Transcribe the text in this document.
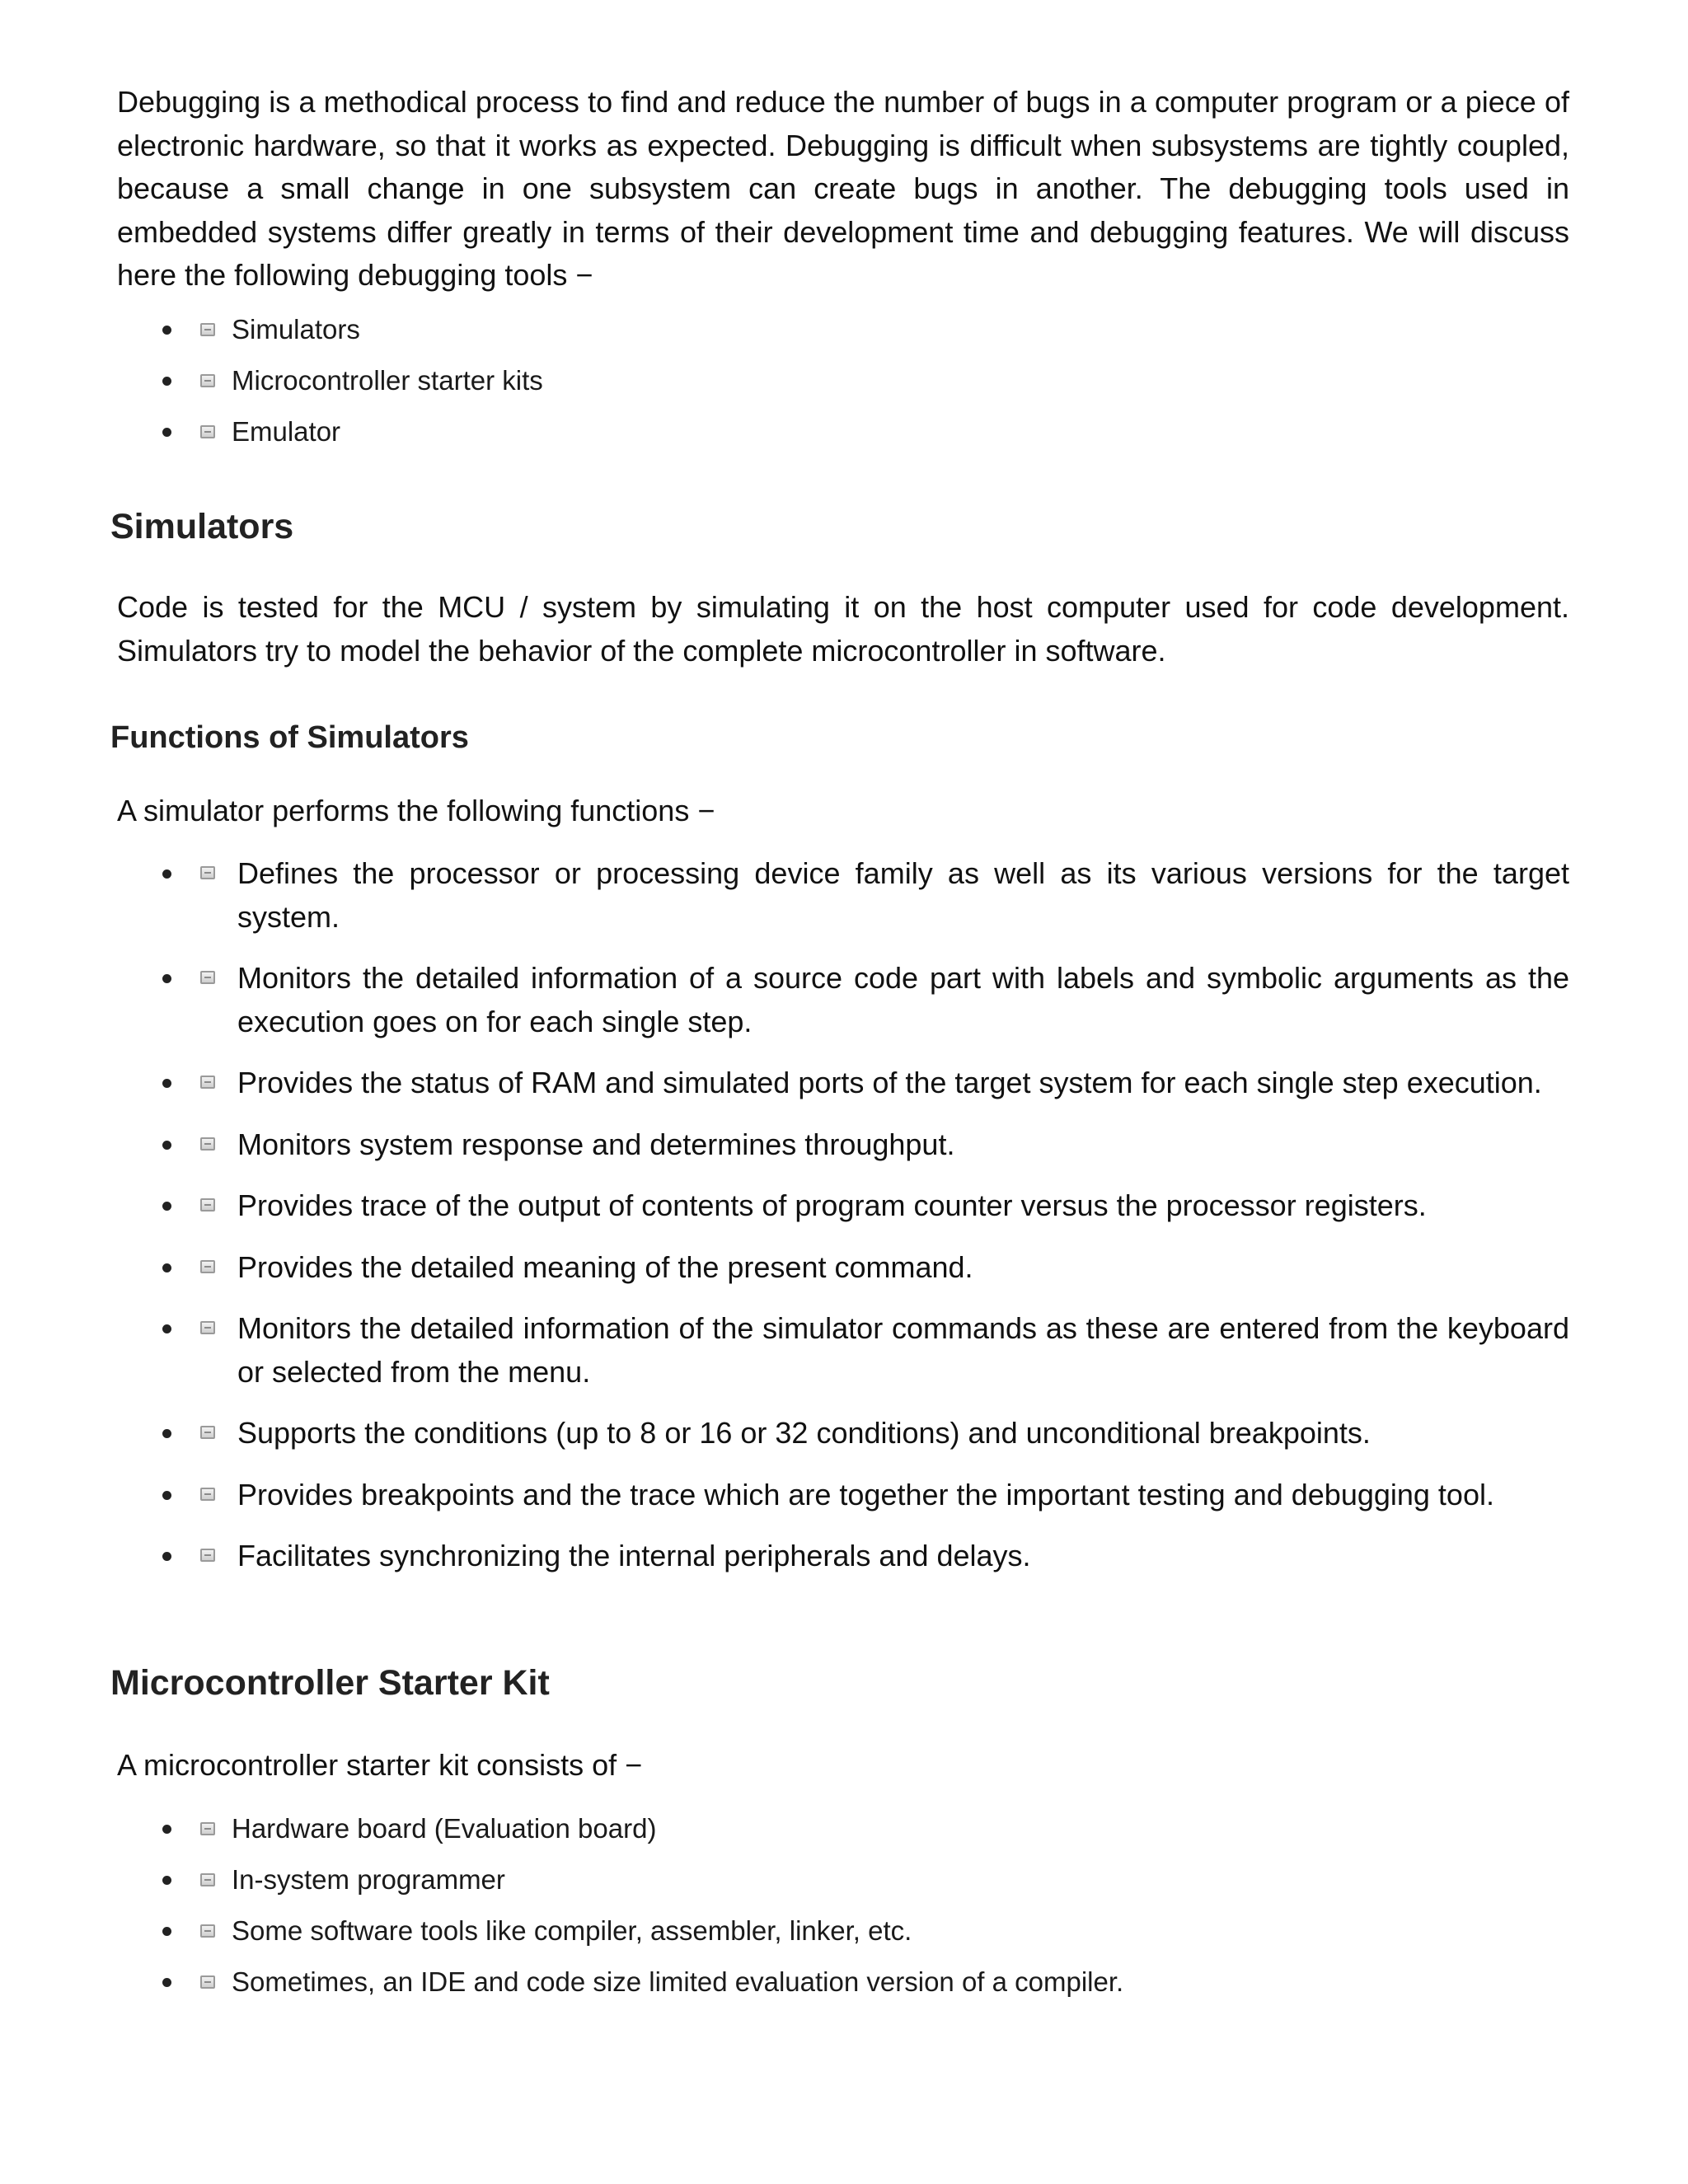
Debugging is a methodical process to find and reduce the number of bugs in a computer program or a piece of electronic hardware, so that it works as expected. Debugging is difficult when subsystems are tightly coupled, because a small change in one subsystem can create bugs in another. The debugging tools used in embedded systems differ greatly in terms of their development time and debugging features. We will discuss here the following debugging tools −

Simulators
Microcontroller starter kits
Emulator
Simulators

Code is tested for the MCU / system by simulating it on the host computer used for code development. Simulators try to model the behavior of the complete microcontroller in software.

Functions of Simulators

A simulator performs the following functions −

Defines the processor or processing device family as well as its various versions for the target system.
Monitors the detailed information of a source code part with labels and symbolic arguments as the execution goes on for each single step.
Provides the status of RAM and simulated ports of the target system for each single step execution.
Monitors system response and determines throughput.
Provides trace of the output of contents of program counter versus the processor registers.
Provides the detailed meaning of the present command.
Monitors the detailed information of the simulator commands as these are entered from the keyboard or selected from the menu.
Supports the conditions (up to 8 or 16 or 32 conditions) and unconditional breakpoints.
Provides breakpoints and the trace which are together the important testing and debugging tool.
Facilitates synchronizing the internal peripherals and delays.
Microcontroller Starter Kit

A microcontroller starter kit consists of −

Hardware board (Evaluation board)
In-system programmer
Some software tools like compiler, assembler, linker, etc.
Sometimes, an IDE and code size limited evaluation version of a compiler.
